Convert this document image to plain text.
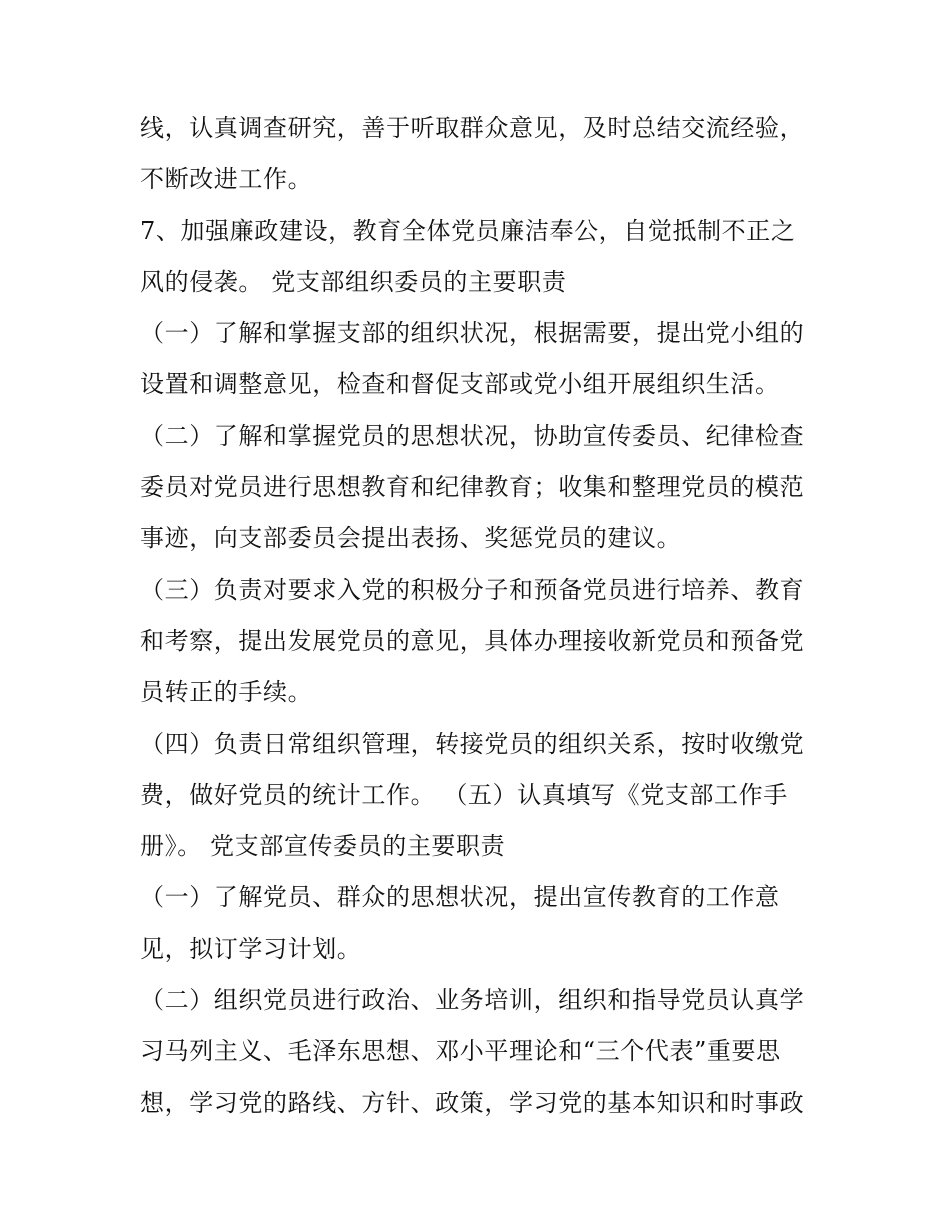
线，认真调查研究，善于听取群众意见，及时总结交流经验，
不断改进工作。
7、加强廉政建设，教育全体党员廉洁奉公，自觉抵制不正之
风的侵袭。 党支部组织委员的主要职责
（一）了解和掌握支部的组织状况，根据需要，提出党小组的
设置和调整意见，检查和督促支部或党小组开展组织生活。
（二）了解和掌握党员的思想状况，协助宣传委员、纪律检查
委员对党员进行思想教育和纪律教育；收集和整理党员的模范
事迹，向支部委员会提出表扬、奖惩党员的建议。
（三）负责对要求入党的积极分子和预备党员进行培养、教育
和考察，提出发展党员的意见，具体办理接收新党员和预备党
员转正的手续。
（四）负责日常组织管理，转接党员的组织关系，按时收缴党
费，做好党员的统计工作。 （五）认真填写《党支部工作手
册》。 党支部宣传委员的主要职责
（一）了解党员、群众的思想状况，提出宣传教育的工作意
见，拟订学习计划。
（二）组织党员进行政治、业务培训，组织和指导党员认真学
习马列主义、毛泽东思想、邓小平理论和“三个代表”重要思
想，学习党的路线、方针、政策，学习党的基本知识和时事政
